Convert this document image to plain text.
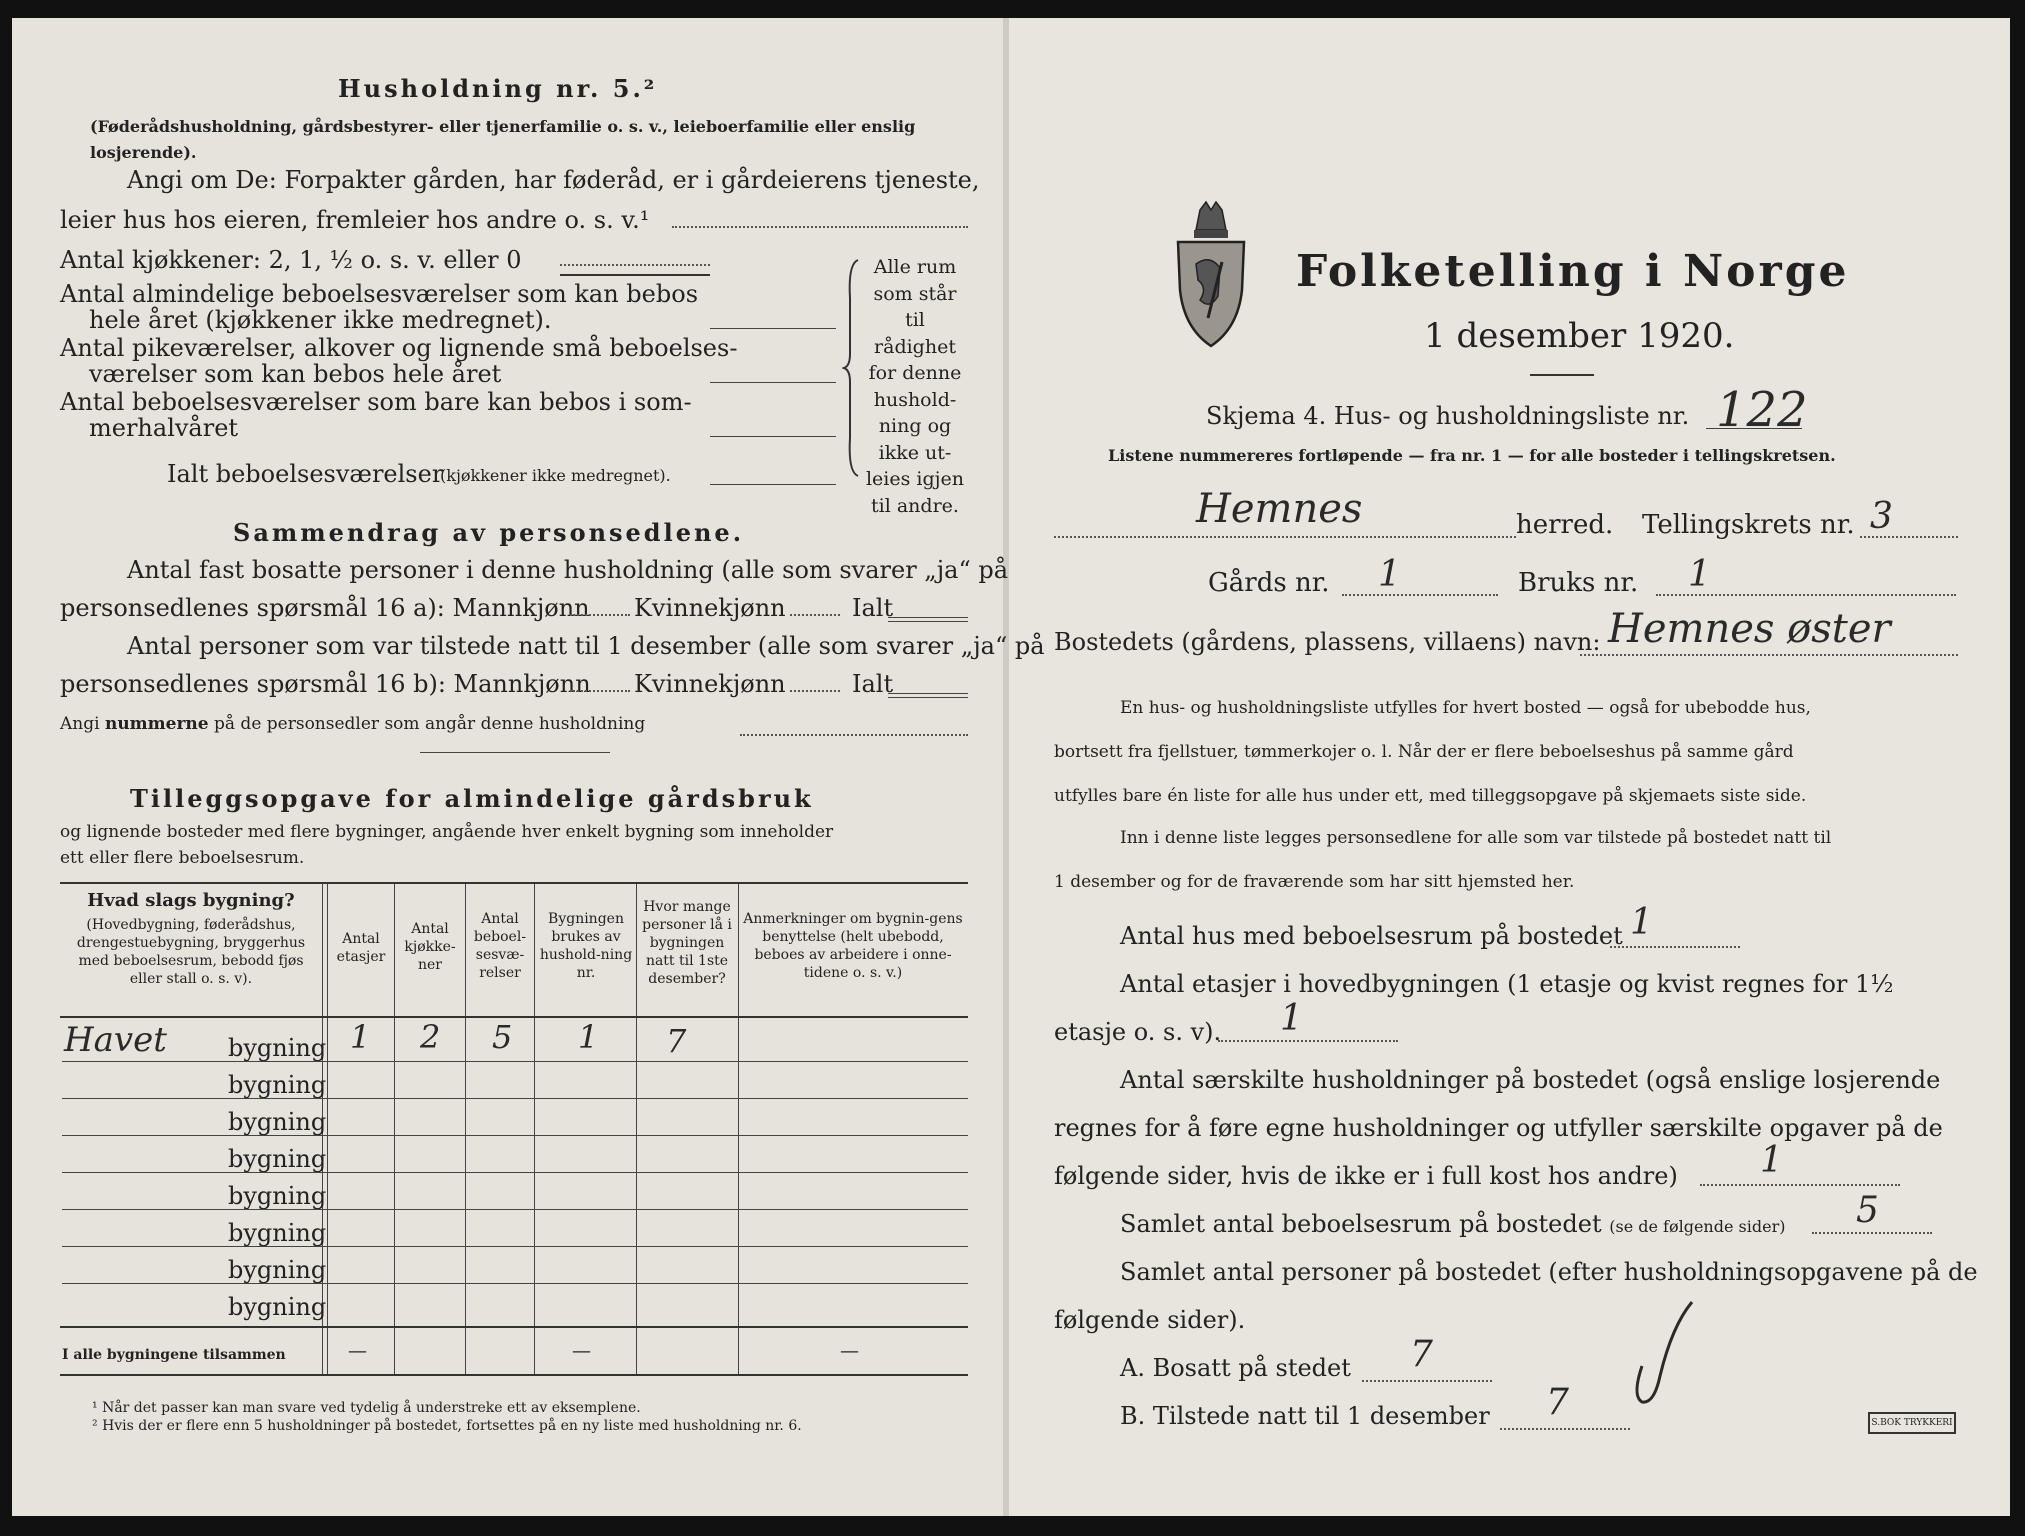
Husholdning nr. 5.²
(Føderådshusholdning, gårdsbestyrer- eller tjenerfamilie o. s. v., leieboerfamilie eller enslig losjerende).
Angi om De: Forpakter gården, har føderåd, er i gårdeierens tjeneste,
leier hus hos eieren, fremleier hos andre o. s. v.¹
Antal kjøkkener: 2, 1, ½ o. s. v. eller 0
Antal almindelige beboelsesværelser som kan bebos
hele året (kjøkkener ikke medregnet).
Antal pikeværelser, alkover og lignende små beboelses-
værelser som kan bebos hele året
Antal beboelsesværelser som bare kan bebos i som-
merhalvåret
Ialt beboelsesværelser
(kjøkkener ikke medregnet).
Alle rum
som står til
rådighet
for denne
hushold-
ning og
ikke ut-
leies igjen
til andre.
Sammendrag av personsedlene.
Antal fast bosatte personer i denne husholdning (alle som svarer „ja“ på
personsedlenes spørsmål 16 a): Mannkjønn Kvinnekjønn	Ialt
Antal personer som var tilstede natt til 1 desember (alle som svarer „ja“ på
personsedlenes spørsmål 16 b): Mannkjønn Kvinnekjønn	Ialt
Angi nummerne på de personsedler som angår denne husholdning
Tilleggsopgave for almindelige gårdsbruk
og lignende bosteder med flere bygninger, angående hver enkelt bygning som inneholder
ett eller flere beboelsesrum.
Hvad slags bygning?
(Hovedbygning, føderådshus, drengestuebygning, bryggerhus med beboelsesrum, bebodd fjøs eller stall o. s. v).
Antal etasjer
Antal kjøkke-ner
Antal beboel-sesvæ-relser
Bygningen brukes av hushold-ning nr.
Hvor mange personer lå i bygningen natt til 1ste desember?
Anmerkninger om bygnin-gens benyttelse (helt ubebodd, beboes av arbeidere i onne-tidene o. s. v.)
Havet	bygning 1 2 5 1 7
bygning
bygning
bygning
bygning
bygning
bygning
bygning
I alle bygningene tilsammen	—	—	—
¹ Når det passer kan man svare ved tydelig å understreke ett av eksemplene.
² Hvis der er flere enn 5 husholdninger på bostedet, fortsettes på en ny liste med husholdning nr. 6.
Folketelling i Norge
1 desember 1920.
Skjema 4. Hus- og husholdningsliste nr. 122
Listene nummereres fortløpende — fra nr. 1 — for alle bosteder i tellingskretsen.
Hemnes	herred. Tellingskrets nr. 3
Gårds nr. 1	Bruks nr. 1
Bostedets (gårdens, plassens, villaens) navn: Hemnes øster
En hus- og husholdningsliste utfylles for hvert bosted — også for ubebodde hus,
bortsett fra fjellstuer, tømmerkojer o. l. Når der er flere beboelseshus på samme gård
utfylles bare én liste for alle hus under ett, med tilleggsopgave på skjemaets siste side.
Inn i denne liste legges personsedlene for alle som var tilstede på bostedet natt til
1 desember og for de fraværende som har sitt hjemsted her.
Antal hus med beboelsesrum på bostedet 1
Antal etasjer i hovedbygningen (1 etasje og kvist regnes for 1½
etasje o. s. v). 1
Antal særskilte husholdninger på bostedet (også enslige losjerende
regnes for å føre egne husholdninger og utfyller særskilte opgaver på de
følgende sider, hvis de ikke er i full kost hos andre) 1
Samlet antal beboelsesrum på bostedet (se de følgende sider) 5
Samlet antal personer på bostedet (efter husholdningsopgavene på de
følgende sider).
A. Bosatt på stedet 7
B. Tilstede natt til 1 desember 7	S.BOK TRYKKERI
